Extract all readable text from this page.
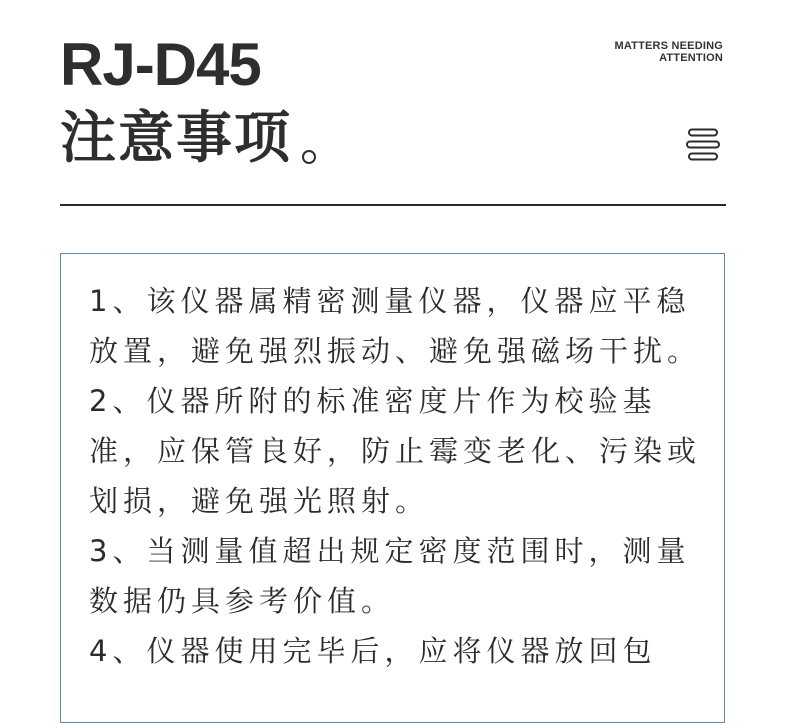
RJ-D45
注意事项
MATTERS NEEDING
ATTENTION
1、该仪器属精密测量仪器，仪器应平稳放置，避免强烈振动、避免强磁场干扰。
2、仪器所附的标准密度片作为校验基准，应保管良好，防止霉变老化、污染或划损，避免强光照射。
3、当测量值超出规定密度范围时，测量数据仍具参考价值。
4、仪器使用完毕后，应将仪器放回包
